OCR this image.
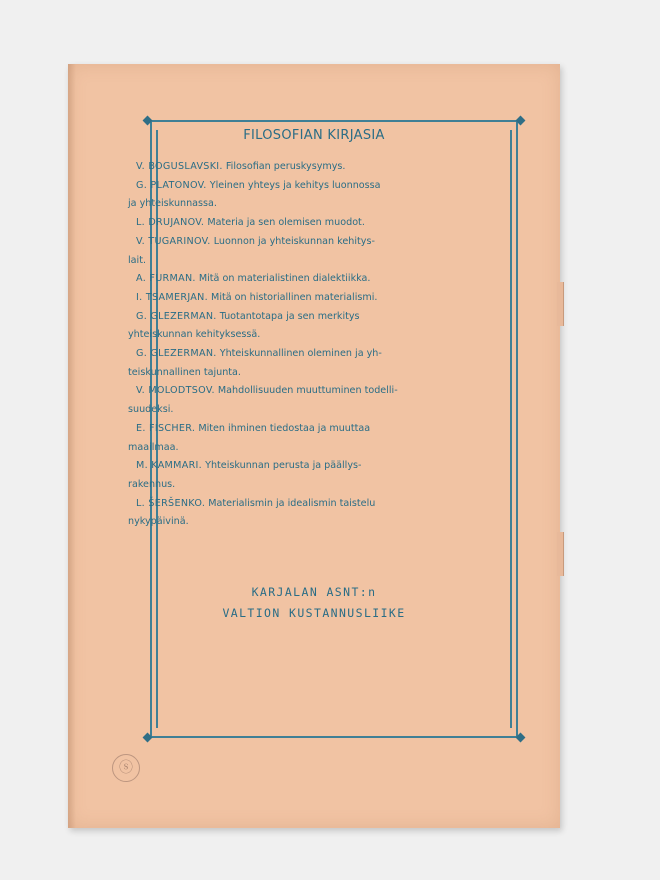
FILOSOFIAN KIRJASIA
V. BOGUSLAVSKI. Filosofian peruskysymys.
G. PLATONOV. Yleinen yhteys ja kehitys luonnossa
ja yhteiskunnassa.
L. DRUJANOV. Materia ja sen olemisen muodot.
V. TUGARINOV. Luonnon ja yhteiskunnan kehitys-
lait.
A. FURMAN. Mitä on materialistinen dialektiikka.
I. TSAMERJAN. Mitä on historiallinen materialismi.
G. GLEZERMAN. Tuotantotapa ja sen merkitys
yhteiskunnan kehityksessä.
G. GLEZERMAN. Yhteiskunnallinen oleminen ja yh-
teiskunnallinen tajunta.
V. MOLODTSOV. Mahdollisuuden muuttuminen todelli-
suudeksi.
E. FISCHER. Miten ihminen tiedostaa ja muuttaa
maailmaa.
M. KAMMARI. Yhteiskunnan perusta ja päällys-
rakennus.
L. ŠERŠENKO. Materialismin ja idealismin taistelu
nykypäivinä.
KARJALAN ASNT:n
VALTION KUSTANNUSLIIKE
ⓢ
